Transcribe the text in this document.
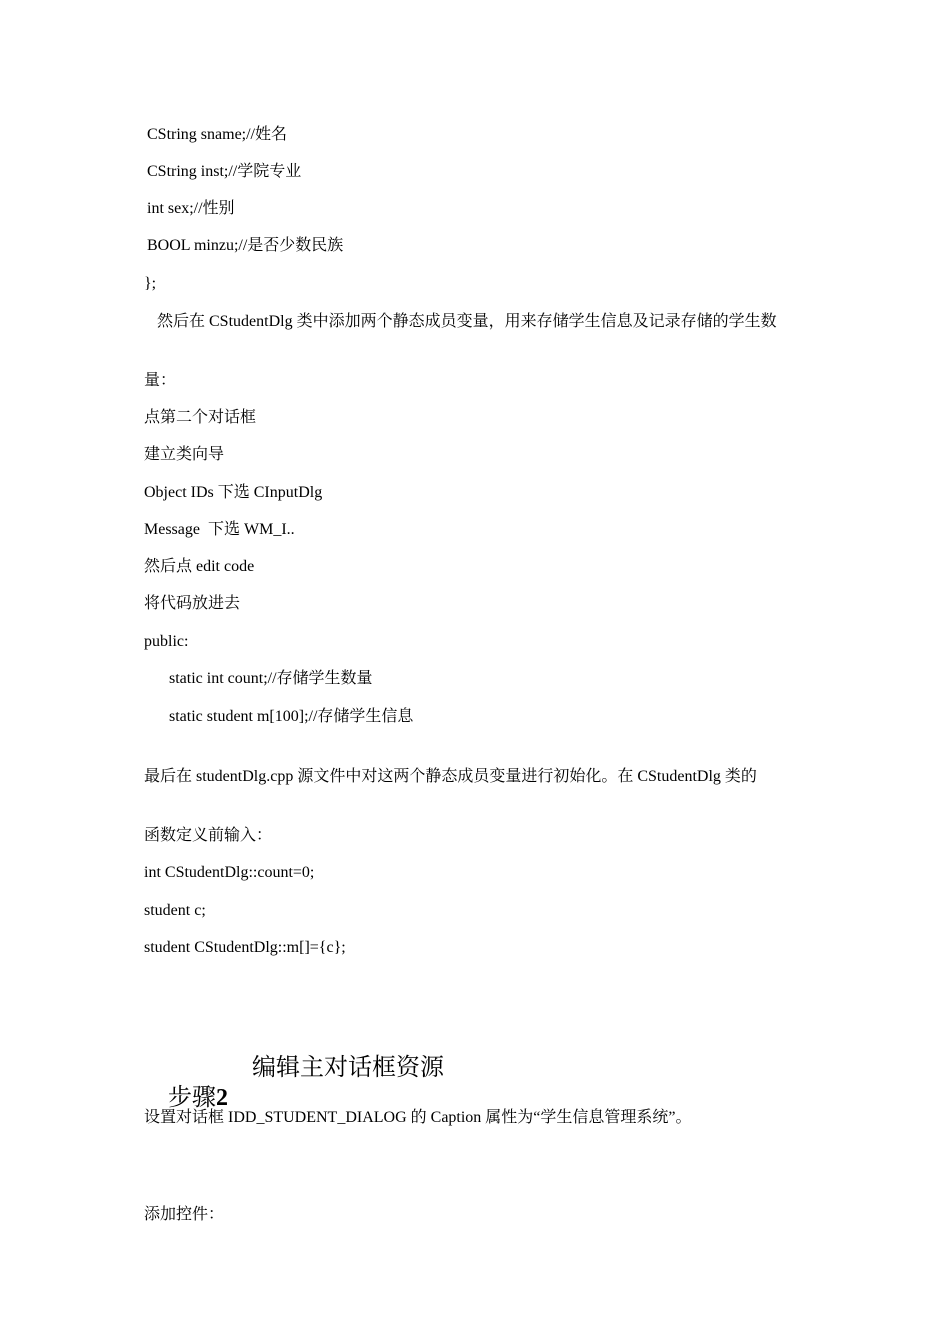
CString sname;//姓名
CString inst;//学院专业
int sex;//性别
BOOL minzu;//是否少数民族
};
然后在 CStudentDlg 类中添加两个静态成员变量，用来存储学生信息及记录存储的学生数
量：
点第二个对话框
建立类向导
Object IDs 下选 CInputDlg
Message  下选 WM_I..
然后点 edit code
将代码放进去
public:
static int count;//存储学生数量
static student m[100];//存储学生信息
最后在 studentDlg.cpp 源文件中对这两个静态成员变量进行初始化。在 CStudentDlg 类的
函数定义前输入：
int CStudentDlg::count=0;
student c;
student CStudentDlg::m[]={c};

步骤2

编辑主对话框资源
设置对话框 IDD_STUDENT_DIALOG 的 Caption 属性为“学生信息管理系统”。
添加控件：
